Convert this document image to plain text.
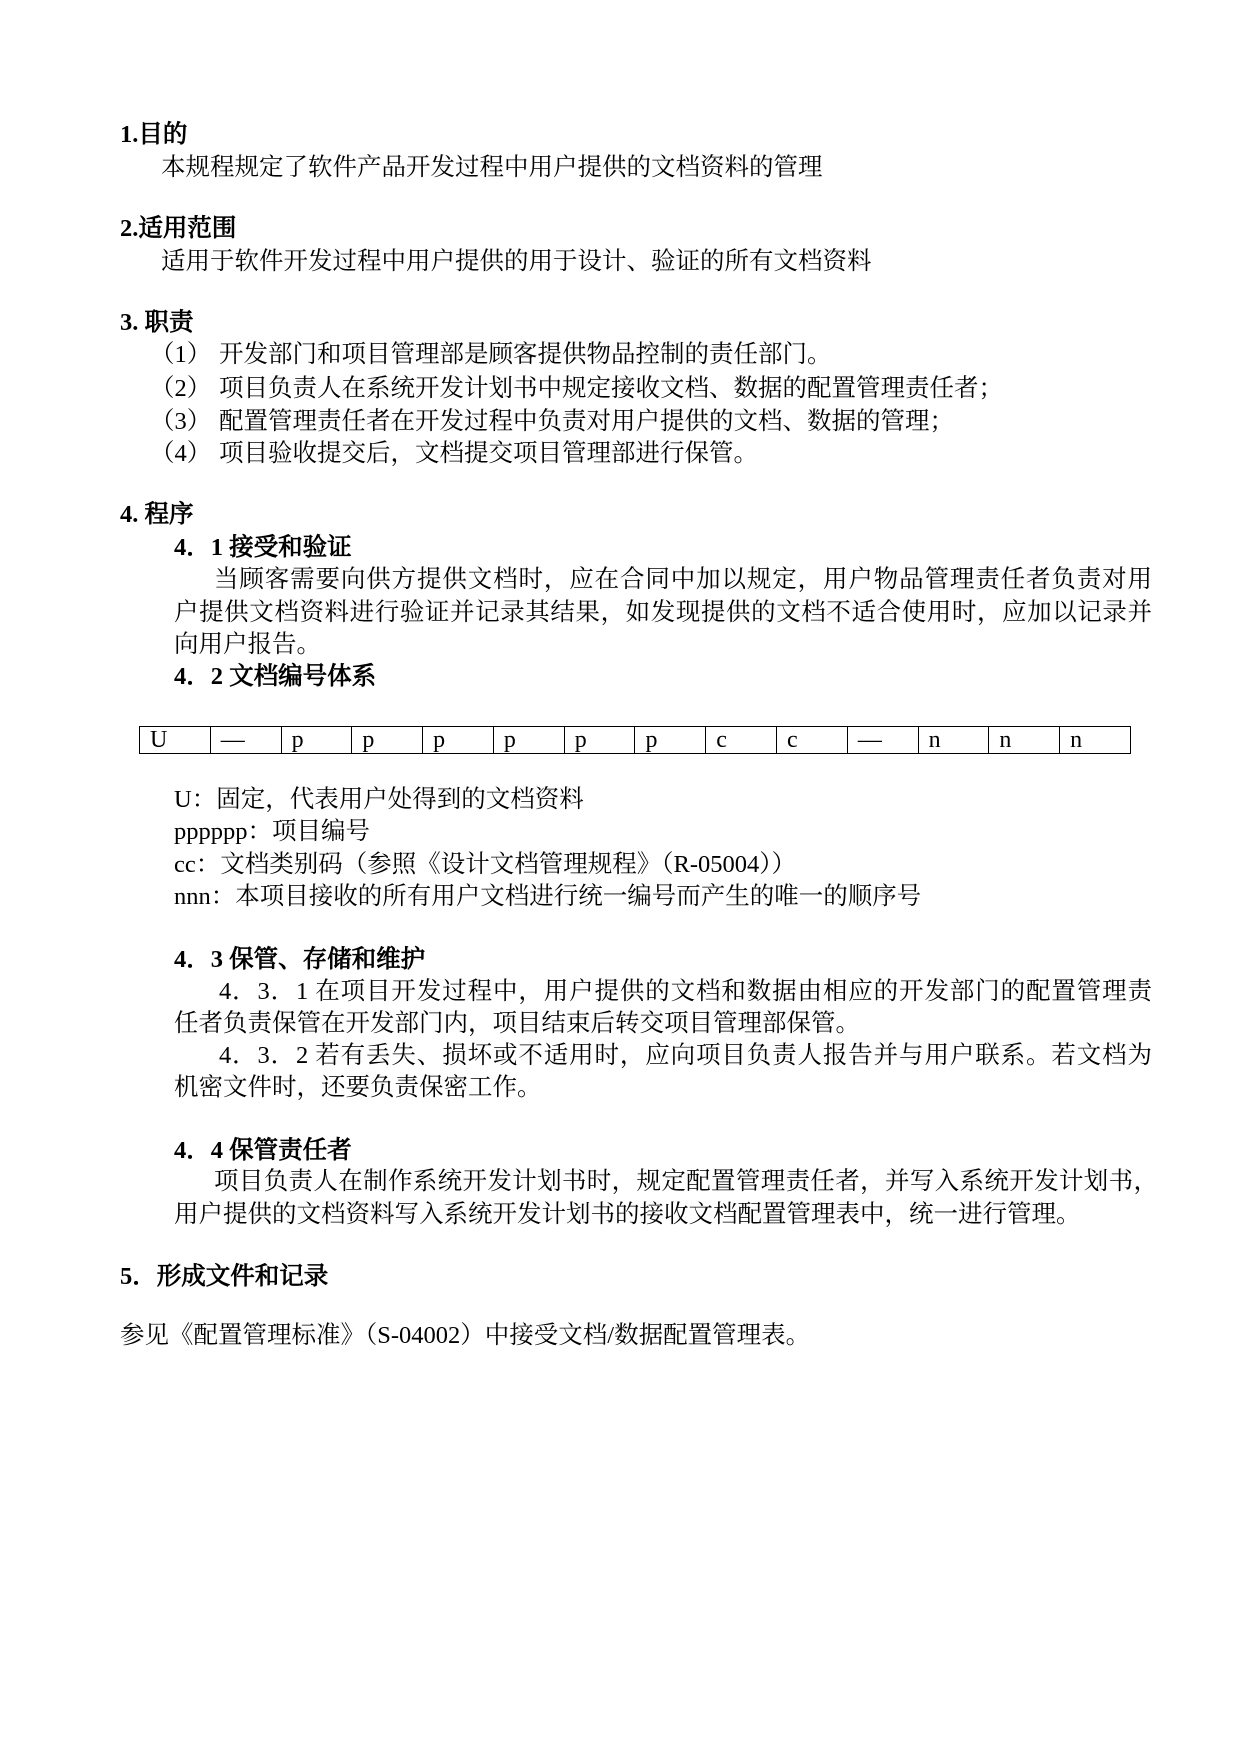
1.目的
本规程规定了软件产品开发过程中用户提供的文档资料的管理
2.适用范围
适用于软件开发过程中用户提供的用于设计、验证的所有文档资料
3. 职责
（1） 开发部门和项目管理部是顾客提供物品控制的责任部门。
（2） 项目负责人在系统开发计划书中规定接收文档、数据的配置管理责任者；
（3） 配置管理责任者在开发过程中负责对用户提供的文档、数据的管理；
（4） 项目验收提交后，文档提交项目管理部进行保管。
4. 程序
4．1 接受和验证
当顾客需要向供方提供文档时，应在合同中加以规定，用户物品管理责任者负责对用
户提供文档资料进行验证并记录其结果，如发现提供的文档不适合使用时，应加以记录并
向用户报告。
4．2 文档编号体系
U	—	p	p	p	p	p	p	c	c	—	n	n	n
U：固定，代表用户处得到的文档资料
pppppp：项目编号
cc：文档类别码（参照《设计文档管理规程》（R-05004））
nnn：本项目接收的所有用户文档进行统一编号而产生的唯一的顺序号
4．3 保管、存储和维护
4．3．1 在项目开发过程中，用户提供的文档和数据由相应的开发部门的配置管理责
任者负责保管在开发部门内，项目结束后转交项目管理部保管。
4．3．2 若有丢失、损坏或不适用时，应向项目负责人报告并与用户联系。若文档为
机密文件时，还要负责保密工作。
4．4 保管责任者
项目负责人在制作系统开发计划书时，规定配置管理责任者，并写入系统开发计划书，
用户提供的文档资料写入系统开发计划书的接收文档配置管理表中，统一进行管理。
5．形成文件和记录
参见《配置管理标准》（S-04002）中接受文档/数据配置管理表。
